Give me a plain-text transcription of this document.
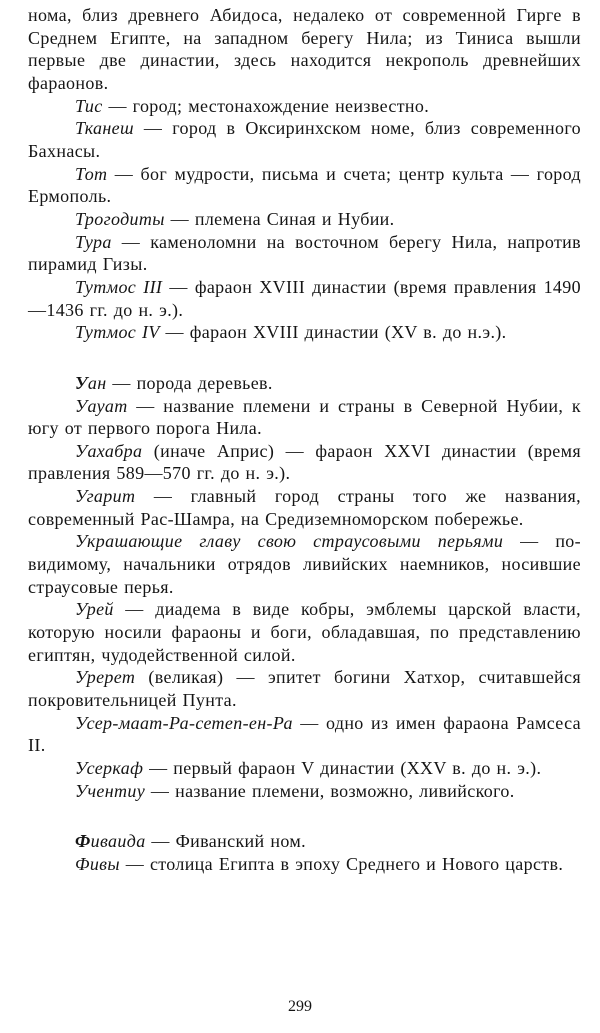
нома, близ древнего Абидоса, недалеко от современной Гирге в Среднем Египте, на западном берегу Нила; из Тиниса вышли первые две династии, здесь находится некрополь древнейших фараонов.

Тис — город; местонахождение неизвестно.

Тканеш — город в Оксиринхском номе, близ современного Бахнасы.

Тот — бог мудрости, письма и счета; центр культа — город Ермополь.

Трогодиты — племена Синая и Нубии.

Тура — каменоломни на восточном берегу Нила, напротив пирамид Гизы.

Тутмос III — фараон XVIII династии (время правления 1490—1436 гг. до н. э.).

Тутмос IV — фараон XVIII династии (XV в. до н.э.).

Уан — порода деревьев.

Уауат — название племени и страны в Северной Нубии, к югу от первого порога Нила.

Уахабра (иначе Априс) — фараон XXVI династии (время правления 589—570 гг. до н. э.).

Угарит — главный город страны того же названия, современный Рас-Шамра, на Средиземноморском побережье.

Украшающие главу свою страусовыми перьями — по-видимому, начальники отрядов ливийских наемников, носившие страусовые перья.

Урей — диадема в виде кобры, эмблемы царской власти, которую носили фараоны и боги, обладавшая, по представлению египтян, чудодейственной силой.

Уререт (великая) — эпитет богини Хатхор, считавшейся покровительницей Пунта.

Усер-маат-Ра-сетеп-ен-Ра — одно из имен фараона Рамсеса II.

Усеркаф — первый фараон V династии (XXV в. до н. э.).

Учентиу — название племени, возможно, ливийского.

Фиваида — Фиванский ном.

Фивы — столица Египта в эпоху Среднего и Нового царств.

299
